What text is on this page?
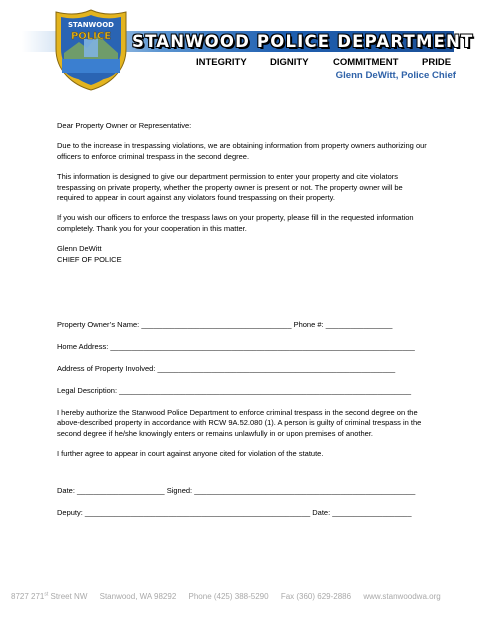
STANWOOD
POLICE STANWOOD POLICE DEPARTMENT
INTEGRITY DIGNITY	COMMITMENT PRIDE
Glenn DeWitt, Police Chief
Dear Property Owner or Representative:
Due to the increase in trespassing violations, we are obtaining information from property owners authorizing our officers to enforce criminal trespass in the second degree.
This information is designed to give our department permission to enter your property and cite violators trespassing on private property, whether the property owner is present or not. The property owner will be required to appear in court against any violators found trespassing on their property.
If you wish our officers to enforce the trespass laws on your property, please fill in the requested information completely. Thank you for your cooperation in this matter.
Glenn DeWitt
CHIEF OF POLICE
Property Owner’s Name: ____________________________________ Phone #: ________________
Home Address: _________________________________________________________________________
Address of Property Involved: _________________________________________________________
Legal Description: ______________________________________________________________________
I hereby authorize the Stanwood Police Department to enforce criminal trespass in the second degree on the above-described property in accordance with RCW 9A.52.080 (1). A person is guilty of criminal trespass in the second degree if he/she knowingly enters or remains unlawfully in or upon premises of another.
I further agree to appear in court against anyone cited for violation of the statute.
Date: _____________________ Signed: _____________________________________________________
Deputy: ______________________________________________________ Date: ___________________
8727 271st Street NW Stanwood, WA 98292 Phone (425) 388-5290 Fax (360) 629-2886 www.stanwoodwa.org
